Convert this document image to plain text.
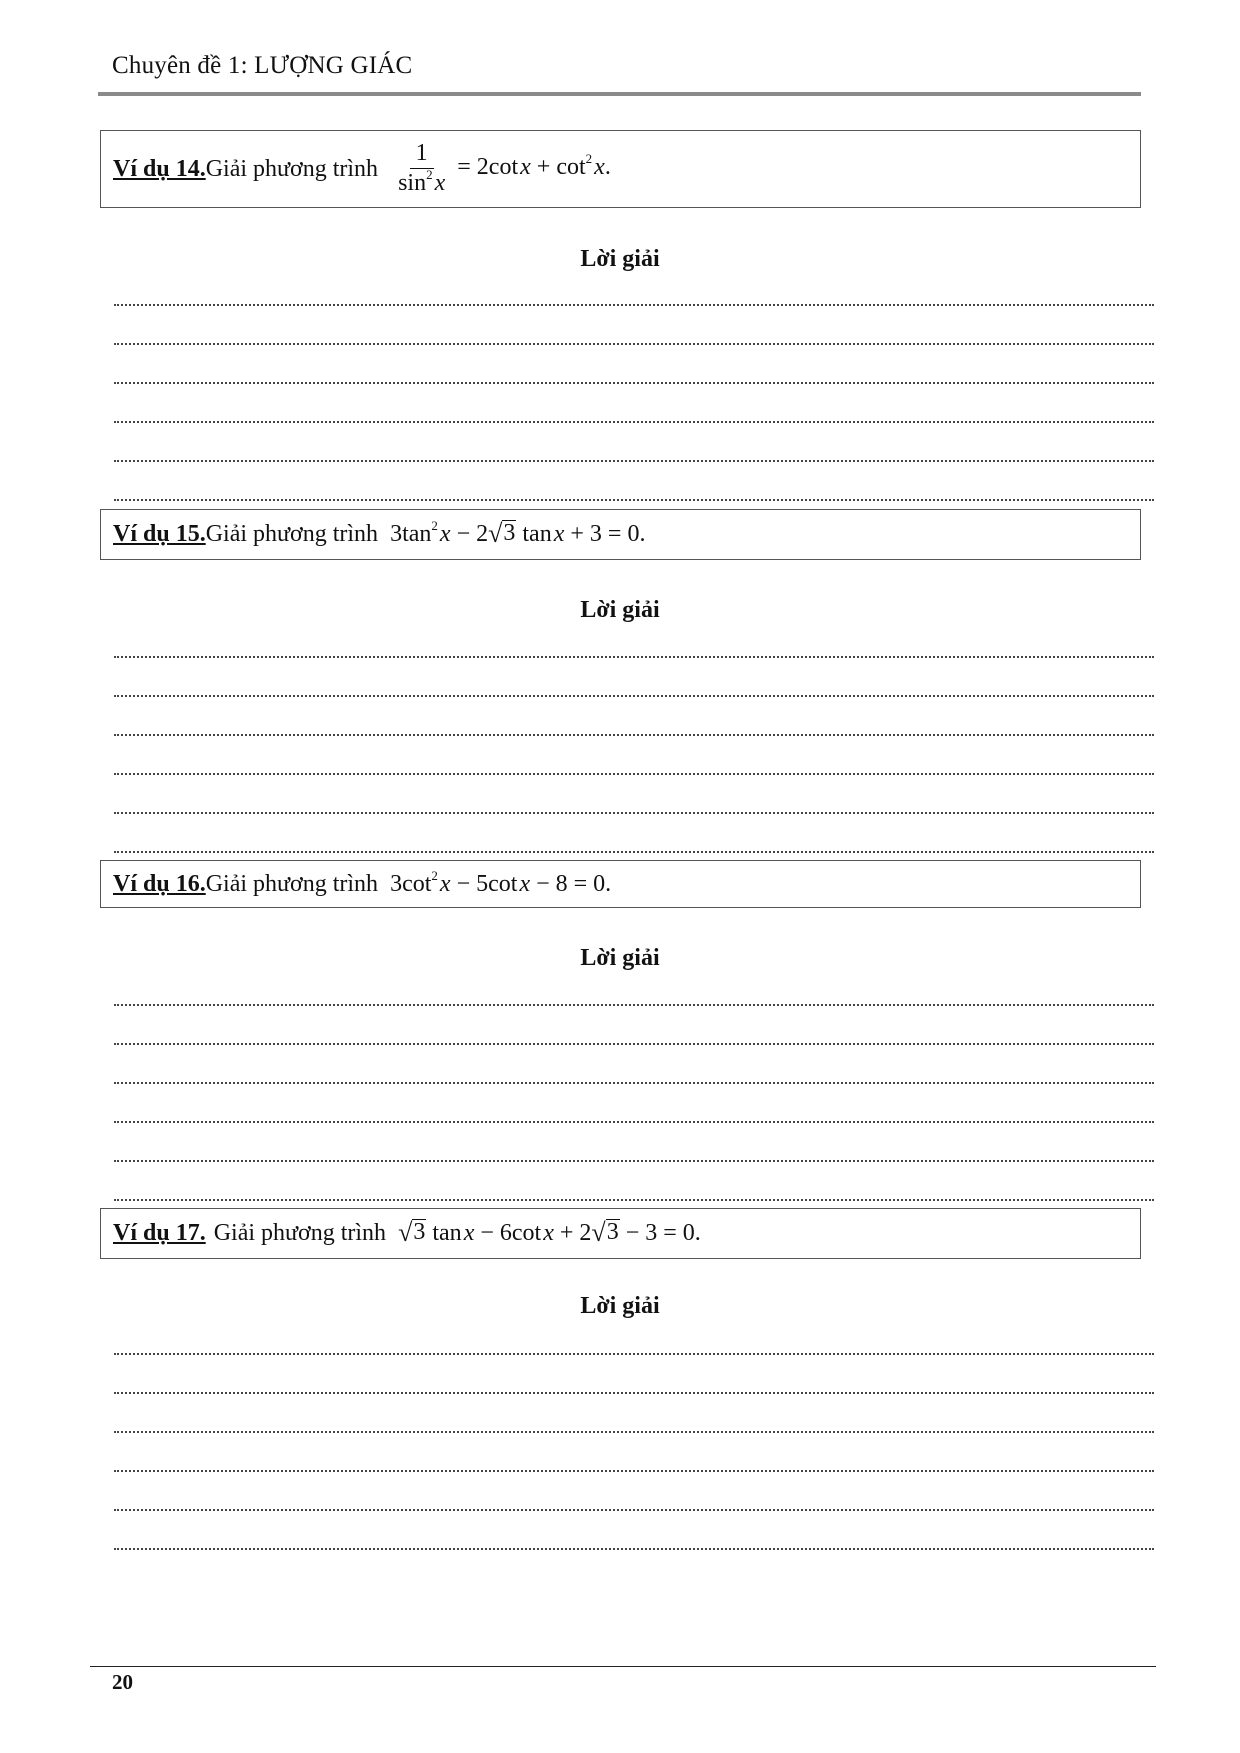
Chuyên đề 1: LƯỢNG GIÁC
Ví dụ 14. Giải phương trình $\frac{1}{\sin^2 x} = 2\cot$ $x + \cot^2$ x.
Lời giải
Ví dụ 15. Giải phương trình $3\tan^2$ x − 2 √ 3 tan x + 3 = 0.
Lời giải
Ví dụ 16. Giải phương trình $3\cot^2$ x − 5cot x − 8 = 0.
Lời giải
Ví dụ 17. Giải phương trình √ 3 tan x − 6cot x + 2 √ 3 − 3 = 0.
Lời giải
20
